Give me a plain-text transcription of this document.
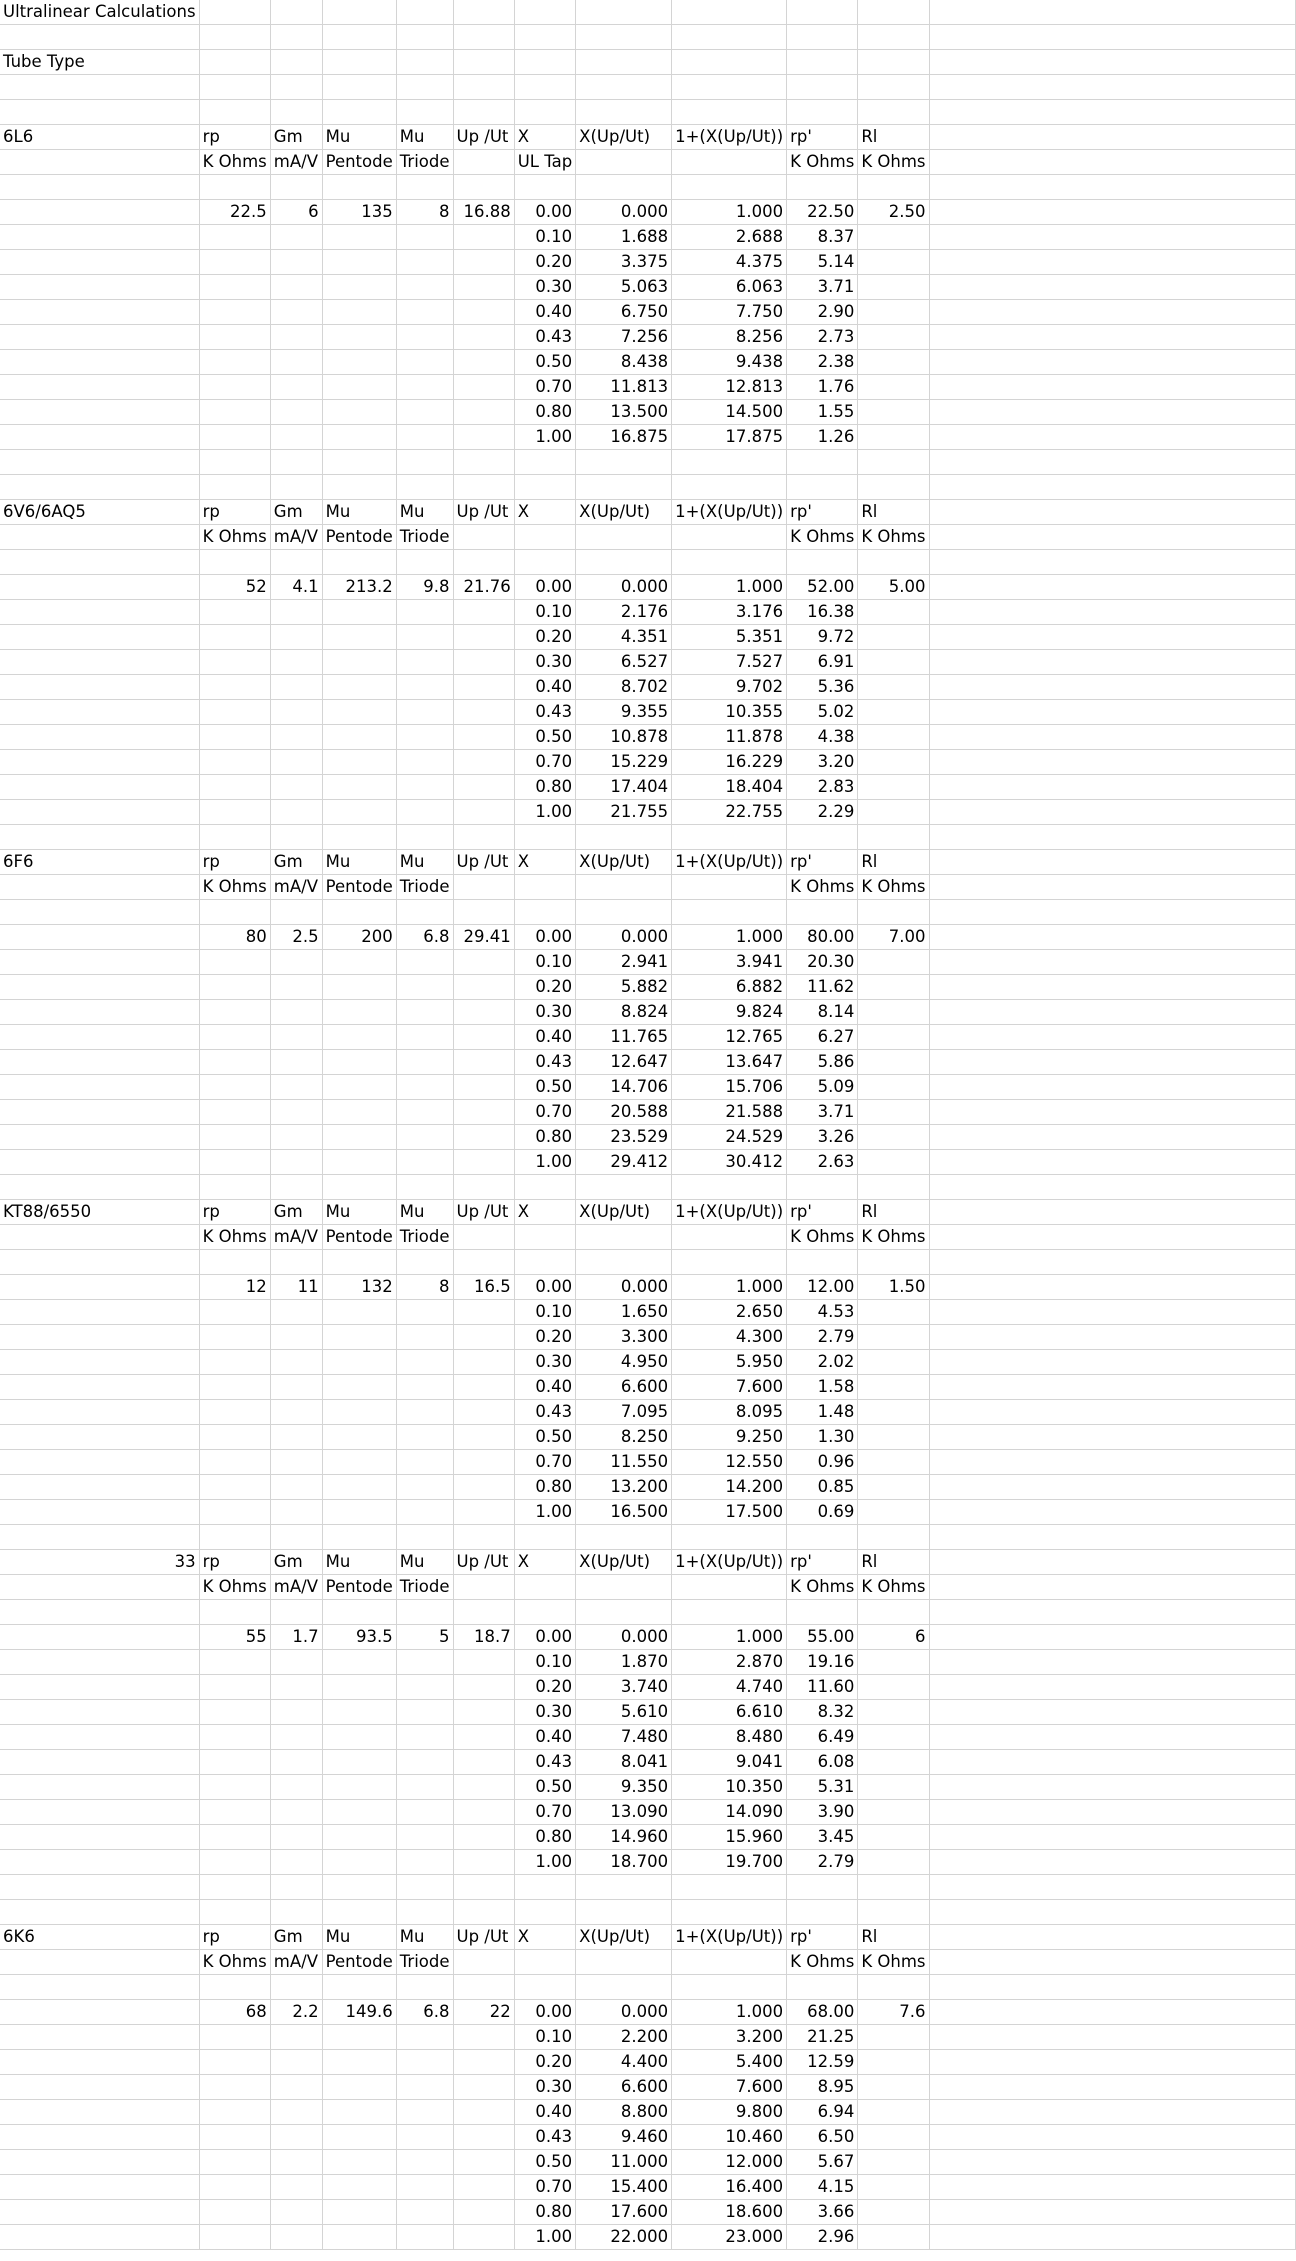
Ultralinear Calculations											

Tube Type											

6L6	rp	Gm	Mu	Mu	Up /Ut	X	X(Up/Ut)	1+(X(Up/Ut))	rp'	Rl	
	K Ohms	mA/V	Pentode	Triode		UL Tap			K Ohms	K Ohms	

	22.5	6	135	8	16.88	0.00	0.000	1.000	22.50	2.50	
						0.10	1.688	2.688	8.37		
						0.20	3.375	4.375	5.14		
						0.30	5.063	6.063	3.71		
						0.40	6.750	7.750	2.90		
						0.43	7.256	8.256	2.73		
						0.50	8.438	9.438	2.38		
						0.70	11.813	12.813	1.76		
						0.80	13.500	14.500	1.55		
						1.00	16.875	17.875	1.26		

6V6/6AQ5	rp	Gm	Mu	Mu	Up /Ut	X	X(Up/Ut)	1+(X(Up/Ut))	rp'	Rl	
	K Ohms	mA/V	Pentode	Triode					K Ohms	K Ohms	

	52	4.1	213.2	9.8	21.76	0.00	0.000	1.000	52.00	5.00	
						0.10	2.176	3.176	16.38		
						0.20	4.351	5.351	9.72		
						0.30	6.527	7.527	6.91		
						0.40	8.702	9.702	5.36		
						0.43	9.355	10.355	5.02		
						0.50	10.878	11.878	4.38		
						0.70	15.229	16.229	3.20		
						0.80	17.404	18.404	2.83		
						1.00	21.755	22.755	2.29		

6F6	rp	Gm	Mu	Mu	Up /Ut	X	X(Up/Ut)	1+(X(Up/Ut))	rp'	Rl	
	K Ohms	mA/V	Pentode	Triode					K Ohms	K Ohms	

	80	2.5	200	6.8	29.41	0.00	0.000	1.000	80.00	7.00	
						0.10	2.941	3.941	20.30		
						0.20	5.882	6.882	11.62		
						0.30	8.824	9.824	8.14		
						0.40	11.765	12.765	6.27		
						0.43	12.647	13.647	5.86		
						0.50	14.706	15.706	5.09		
						0.70	20.588	21.588	3.71		
						0.80	23.529	24.529	3.26		
						1.00	29.412	30.412	2.63		

KT88/6550	rp	Gm	Mu	Mu	Up /Ut	X	X(Up/Ut)	1+(X(Up/Ut))	rp'	Rl	
	K Ohms	mA/V	Pentode	Triode					K Ohms	K Ohms	

	12	11	132	8	16.5	0.00	0.000	1.000	12.00	1.50	
						0.10	1.650	2.650	4.53		
						0.20	3.300	4.300	2.79		
						0.30	4.950	5.950	2.02		
						0.40	6.600	7.600	1.58		
						0.43	7.095	8.095	1.48		
						0.50	8.250	9.250	1.30		
						0.70	11.550	12.550	0.96		
						0.80	13.200	14.200	0.85		
						1.00	16.500	17.500	0.69		

33	rp	Gm	Mu	Mu	Up /Ut	X	X(Up/Ut)	1+(X(Up/Ut))	rp'	Rl	
	K Ohms	mA/V	Pentode	Triode					K Ohms	K Ohms	

	55	1.7	93.5	5	18.7	0.00	0.000	1.000	55.00	6	
						0.10	1.870	2.870	19.16		
						0.20	3.740	4.740	11.60		
						0.30	5.610	6.610	8.32		
						0.40	7.480	8.480	6.49		
						0.43	8.041	9.041	6.08		
						0.50	9.350	10.350	5.31		
						0.70	13.090	14.090	3.90		
						0.80	14.960	15.960	3.45		
						1.00	18.700	19.700	2.79		

6K6	rp	Gm	Mu	Mu	Up /Ut	X	X(Up/Ut)	1+(X(Up/Ut))	rp'	Rl	
	K Ohms	mA/V	Pentode	Triode					K Ohms	K Ohms	

	68	2.2	149.6	6.8	22	0.00	0.000	1.000	68.00	7.6	
						0.10	2.200	3.200	21.25		
						0.20	4.400	5.400	12.59		
						0.30	6.600	7.600	8.95		
						0.40	8.800	9.800	6.94		
						0.43	9.460	10.460	6.50		
						0.50	11.000	12.000	5.67		
						0.70	15.400	16.400	4.15		
						0.80	17.600	18.600	3.66		
						1.00	22.000	23.000	2.96		
